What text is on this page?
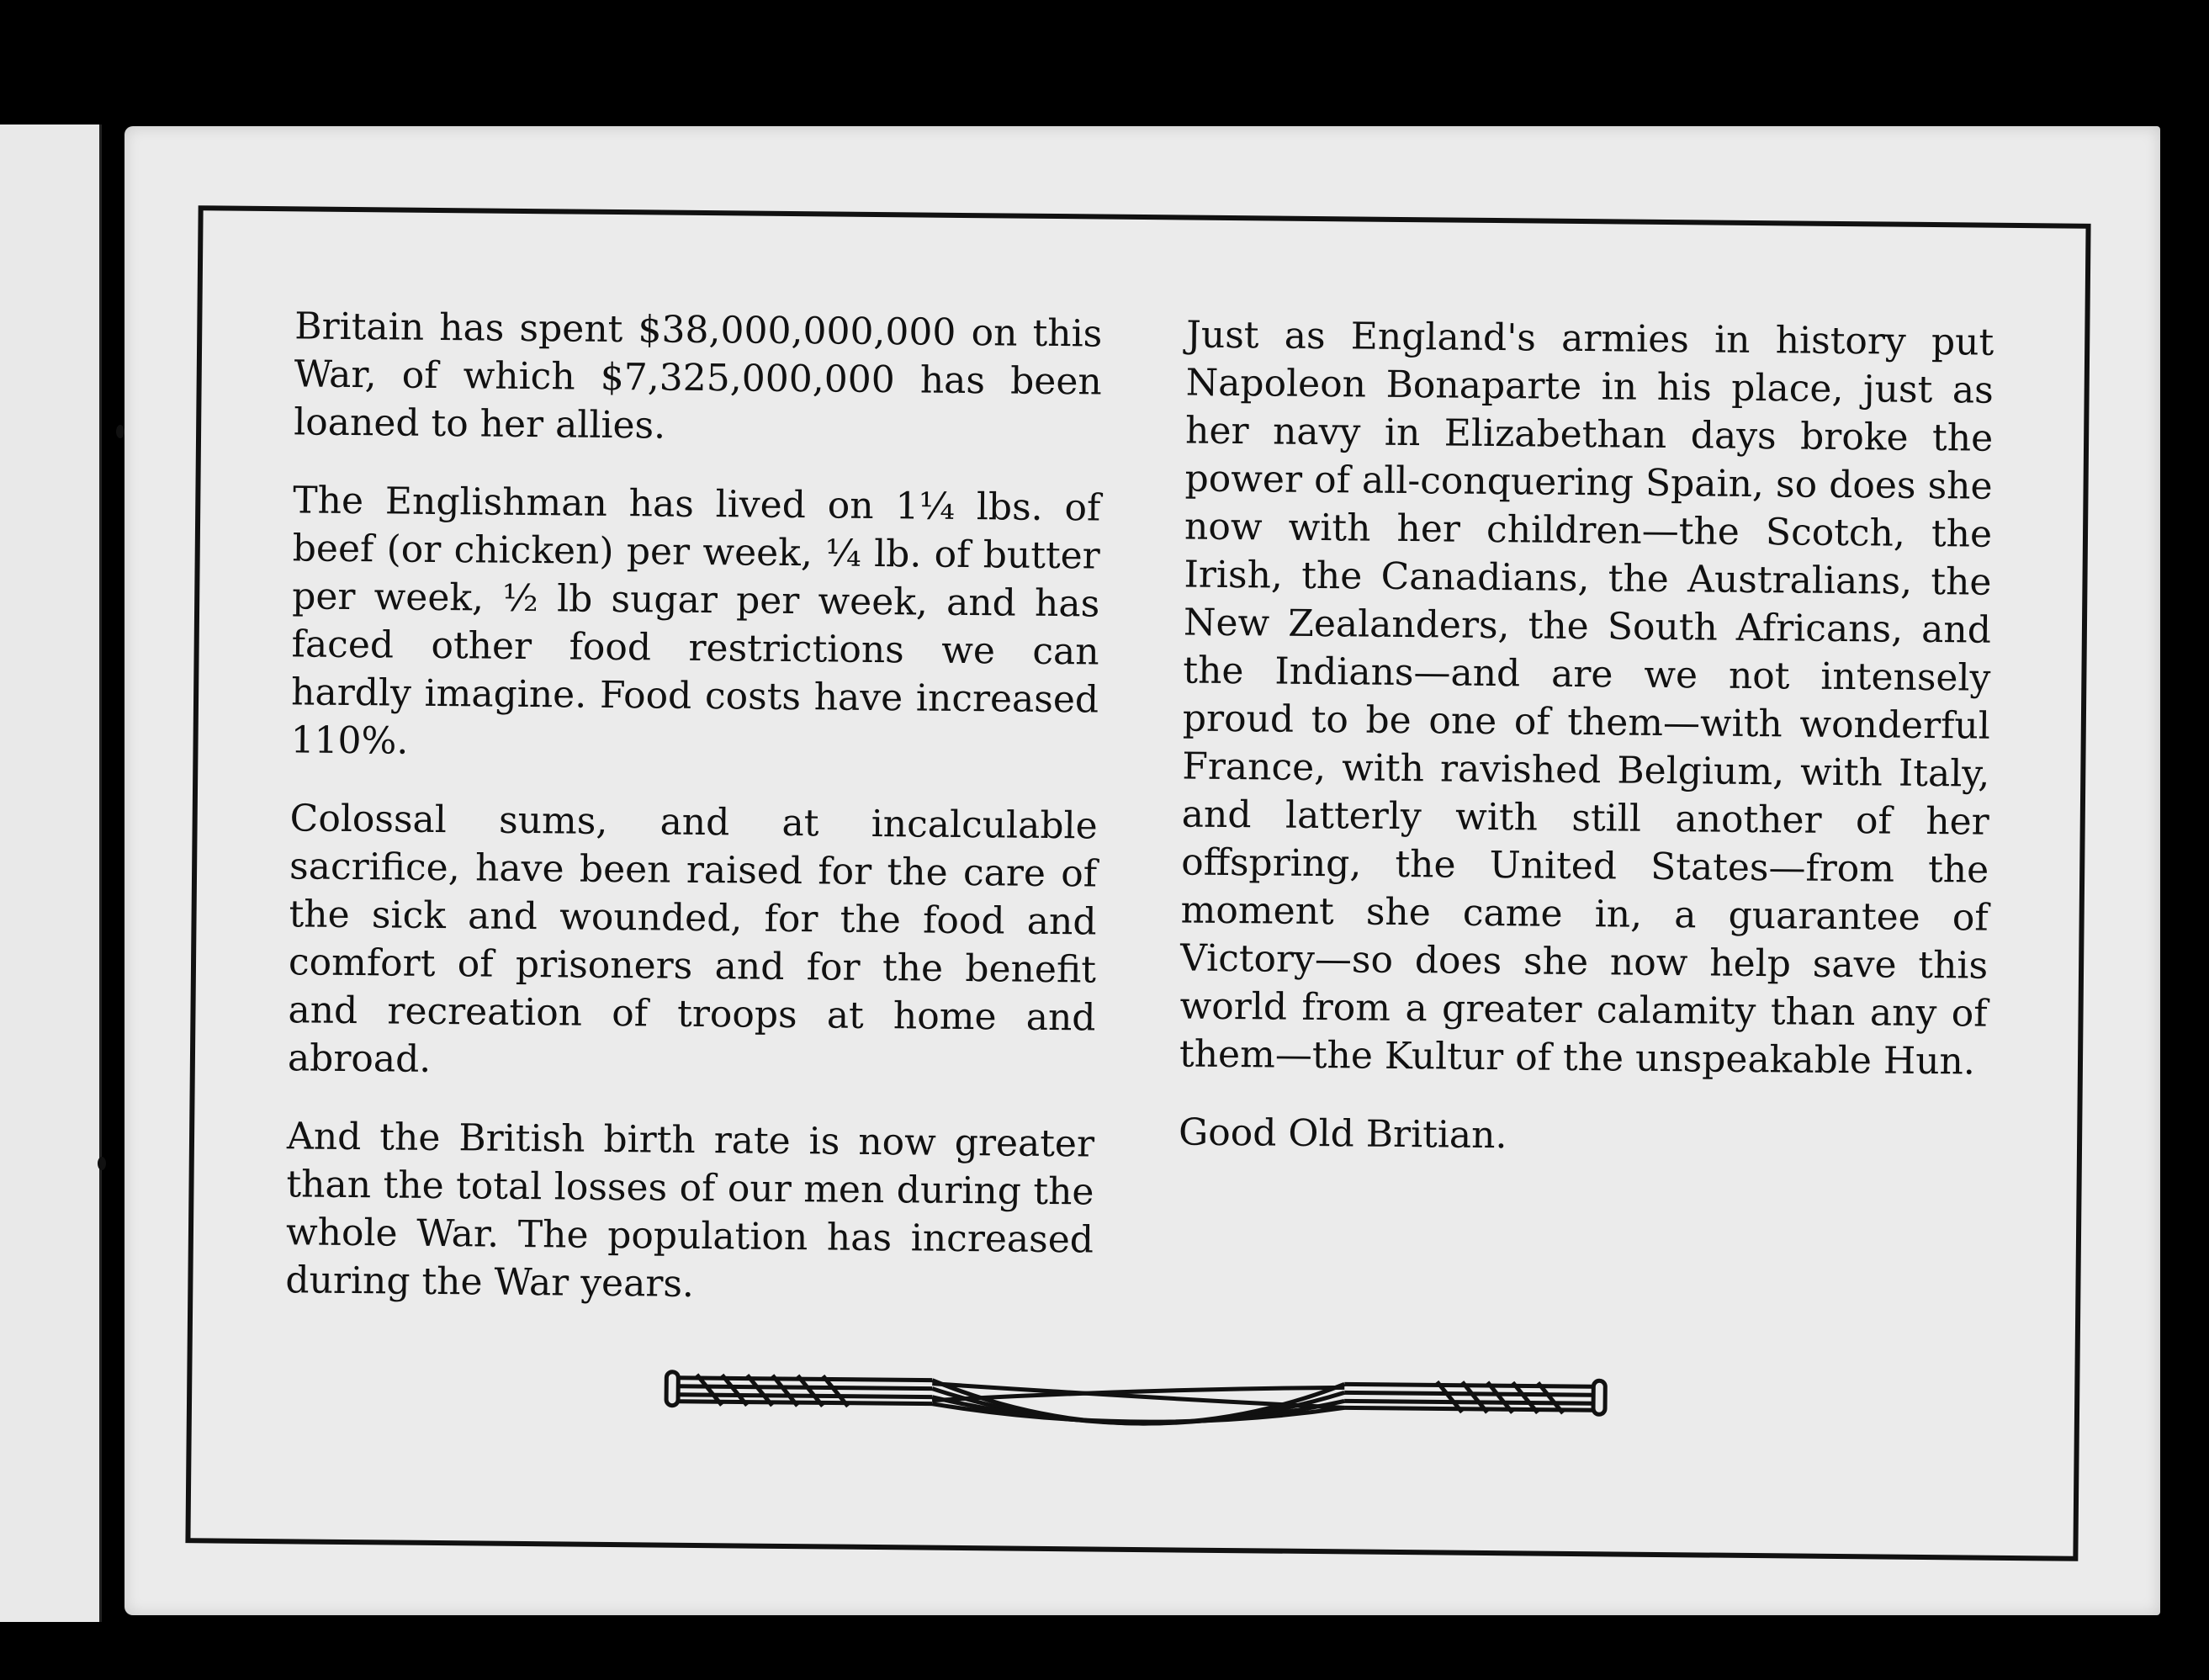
Britain has spent $38,000,000,000 on this War, of which $7,325,000,000 has been loaned to her allies.

The Englishman has lived on 1¼ lbs. of beef (or chicken) per week, ¼ lb. of butter per week, ½ lb sugar per week, and has faced other food restrictions we can hardly imagine. Food costs have increased 110%.

Colossal sums, and at incalculable sacrifice, have been raised for the care of the sick and wounded, for the food and comfort of prisoners and for the benefit and recreation of troops at home and abroad.

And the British birth rate is now greater than the total losses of our men during the whole War. The population has increased during the War years.

Just as England's armies in history put Napoleon Bonaparte in his place, just as her navy in Elizabethan days broke the power of all-conquering Spain, so does she now with her children—the Scotch, the Irish, the Canadians, the Australians, the New Zealanders, the South Africans, and the Indians—and are we not intensely proud to be one of them—with wonderful France, with ravished Belgium, with Italy, and latterly with still another of her offspring, the United States—from the moment she came in, a guarantee of Victory—so does she now help save this world from a greater calamity than any of them—the Kultur of the unspeakable Hun.

Good Old Britian.
